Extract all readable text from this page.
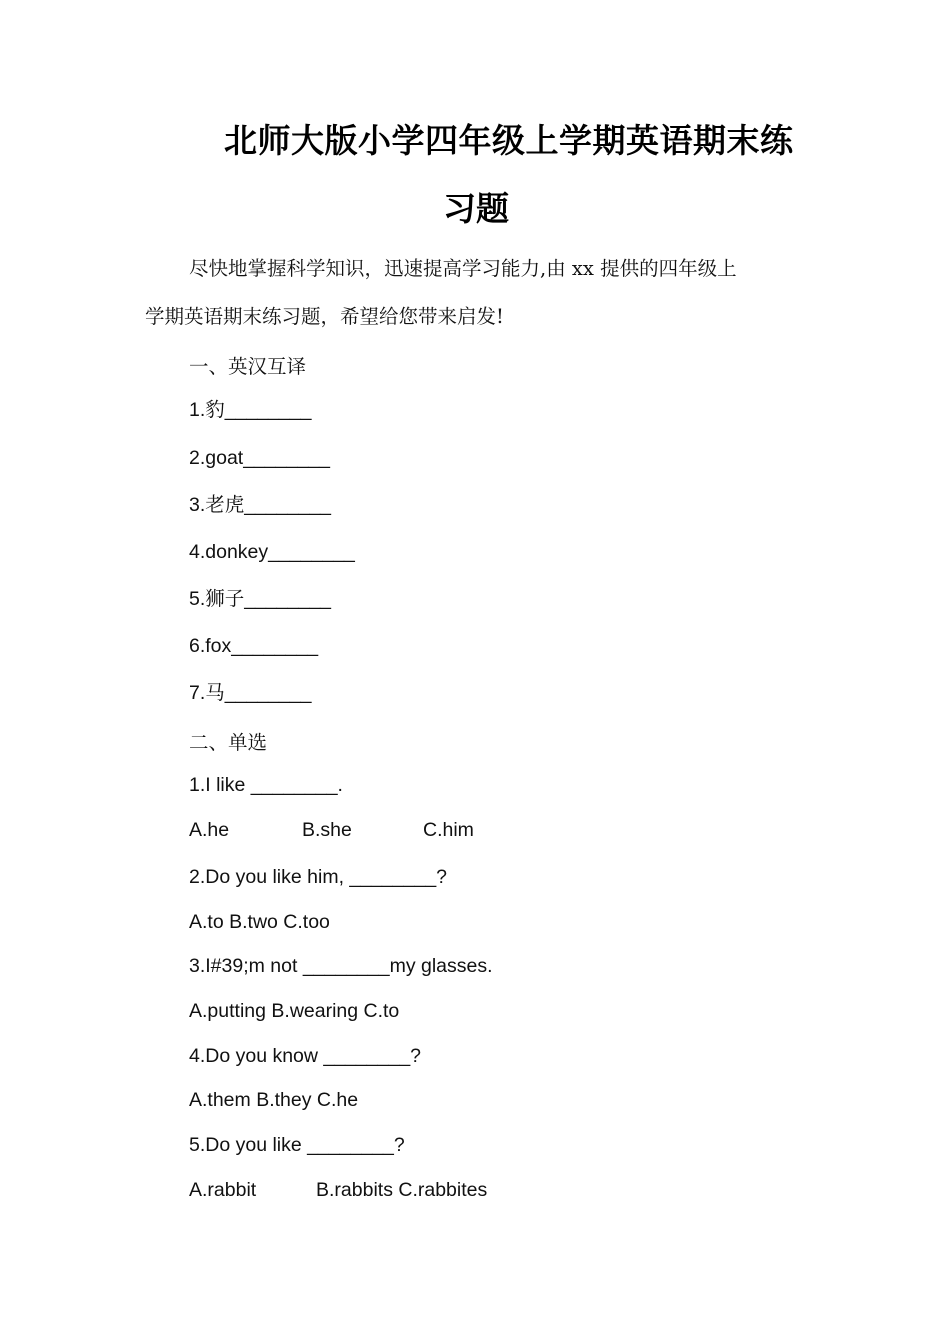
北师大版小学四年级上学期英语期末练
习题
尽快地掌握科学知识，迅速提高学习能力,由 xx 提供的四年级上
学期英语期末练习题，希望给您带来启发!
一、英汉互译
1.豹________
2.goat________
3.老虎________
4.donkey________
5.狮子________
6.fox________
7.马________
二、单选
1.I like ________.
A.he	B.she	C.him
2.Do you like him, ________?
A.to B.two C.too
3.I#39;m not ________my glasses.
A.putting B.wearing C.to
4.Do you know ________?
A.them B.they C.he
5.Do you like ________?
A.rabbit	B.rabbits C.rabbites
